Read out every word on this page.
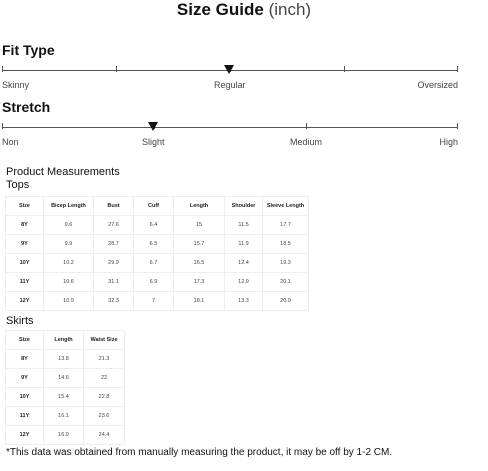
Size Guide (inch)
Fit Type
Skinny	Regular	Oversized
Stretch
Non	Slight	Medium	High
Product Measurements
Tops
Size	Bicep Length	Bust	Cuff	Length	Shoulder	Sleeve Length
8Y	9.6	27.6	6.4	15	11.5	17.7
9Y	9.9	28.7	6.5	15.7	11.9	18.5
10Y	10.2	29.9	6.7	16.5	12.4	19.3
11Y	10.6	31.1	6.9	17.3	12.9	20.1
12Y	10.9	32.3	7	18.1	13.3	20.9
Skirts
Size	Length	Waist Size
8Y	13.8	21.3
9Y	14.6	22
10Y	15.4	22.8
11Y	16.1	23.6
12Y	16.9	24.4
*This data was obtained from manually measuring the product, it may be off by 1-2 CM.
